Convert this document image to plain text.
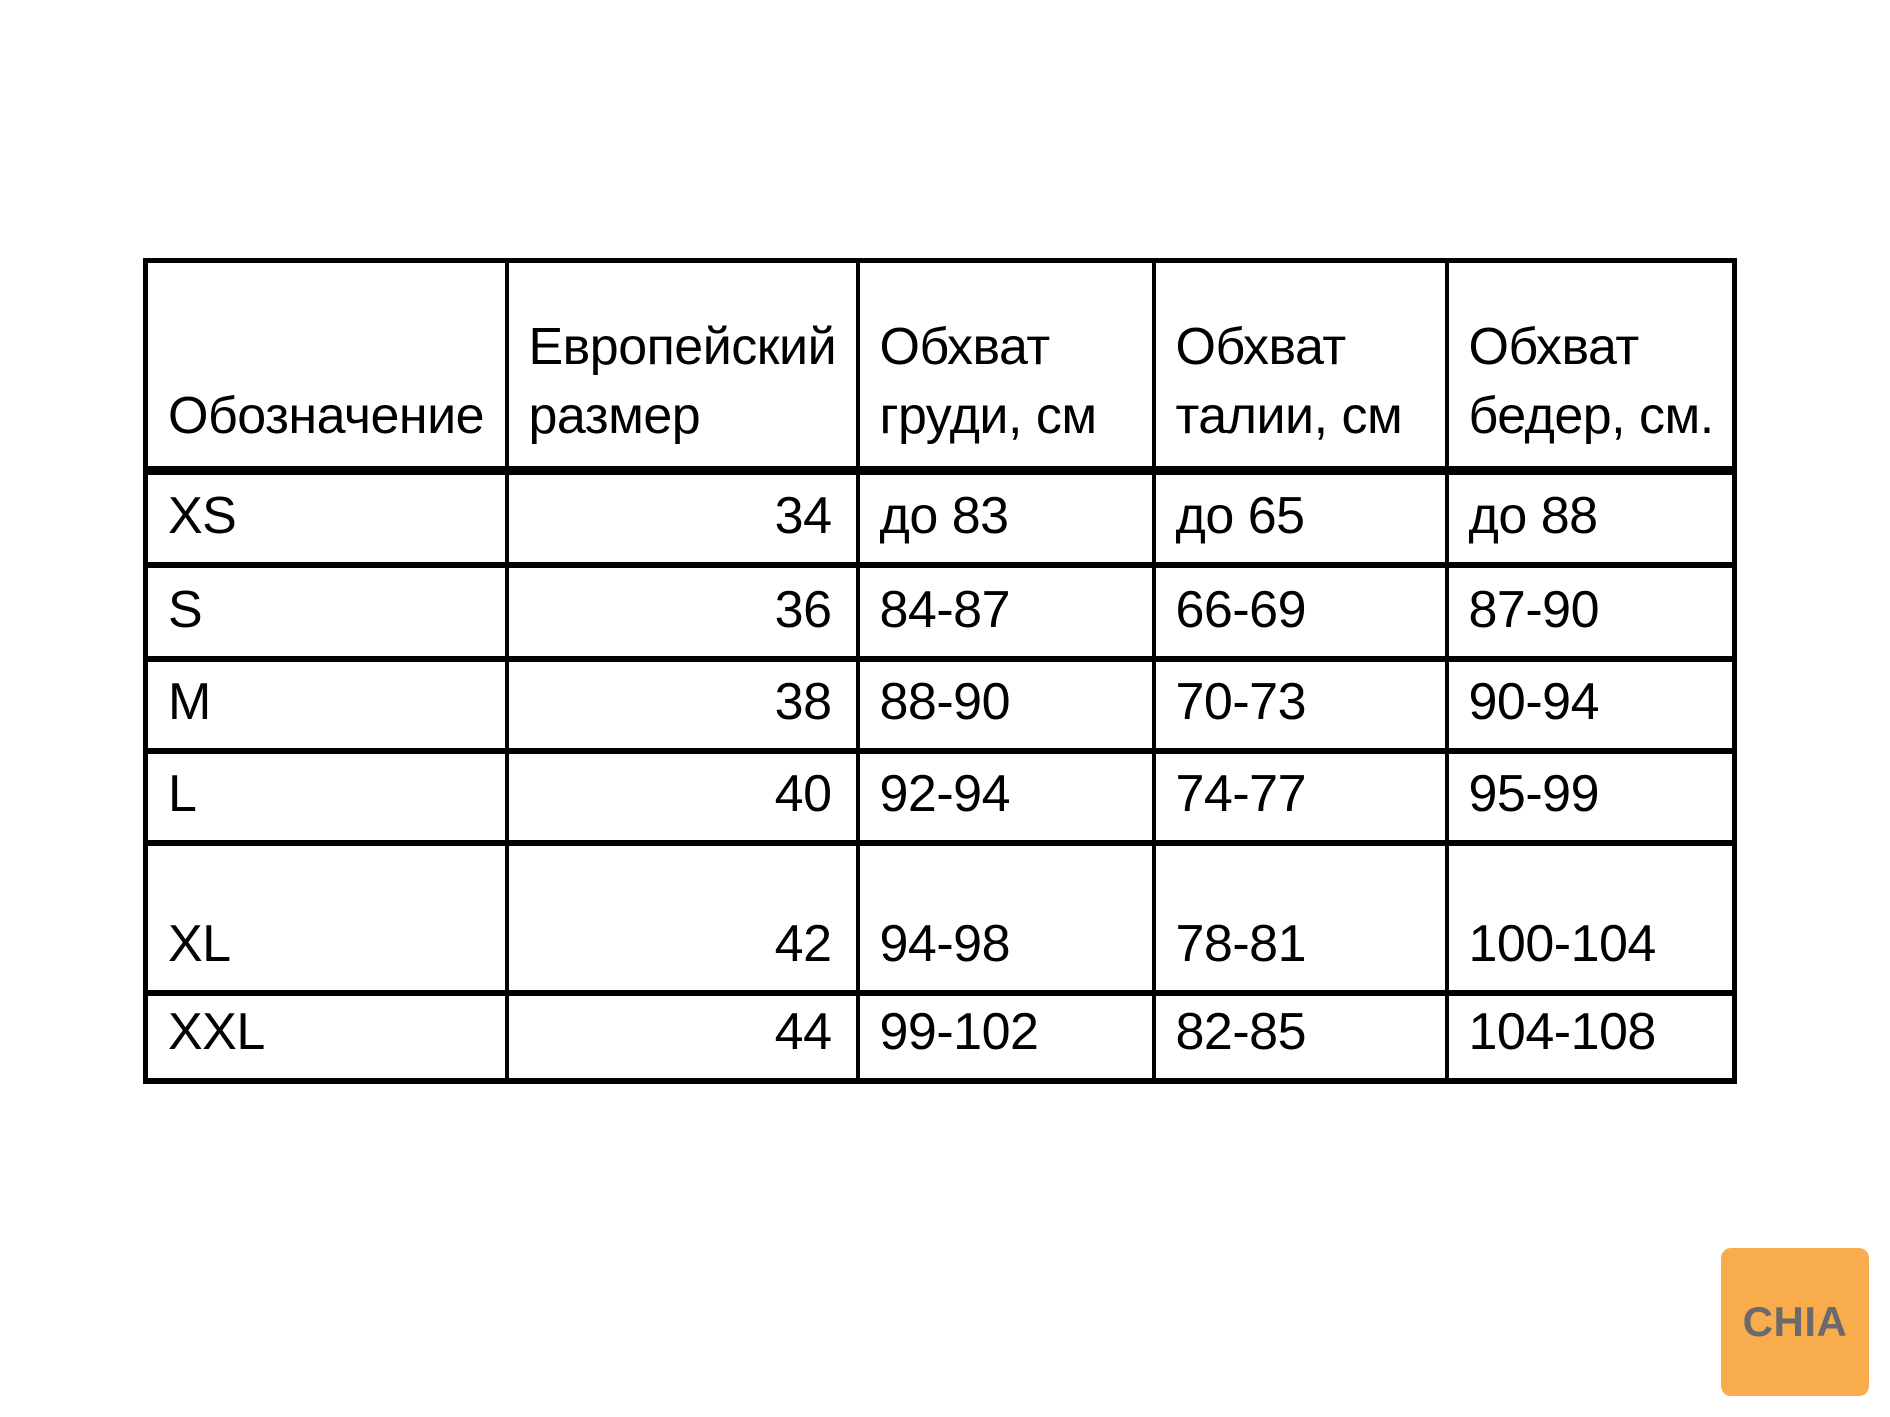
Обозначение	Европейский размер	Обхват груди, см	Обхват талии, см	Обхват бедер, см.
XS	34	до 83	до 65	до 88
S	36	84-87	66-69	87-90
M	38	88-90	70-73	90-94
L	40	92-94	74-77	95-99
XL	42	94-98	78-81	100-104
XXL	44	99-102	82-85	104-108
CHIA
